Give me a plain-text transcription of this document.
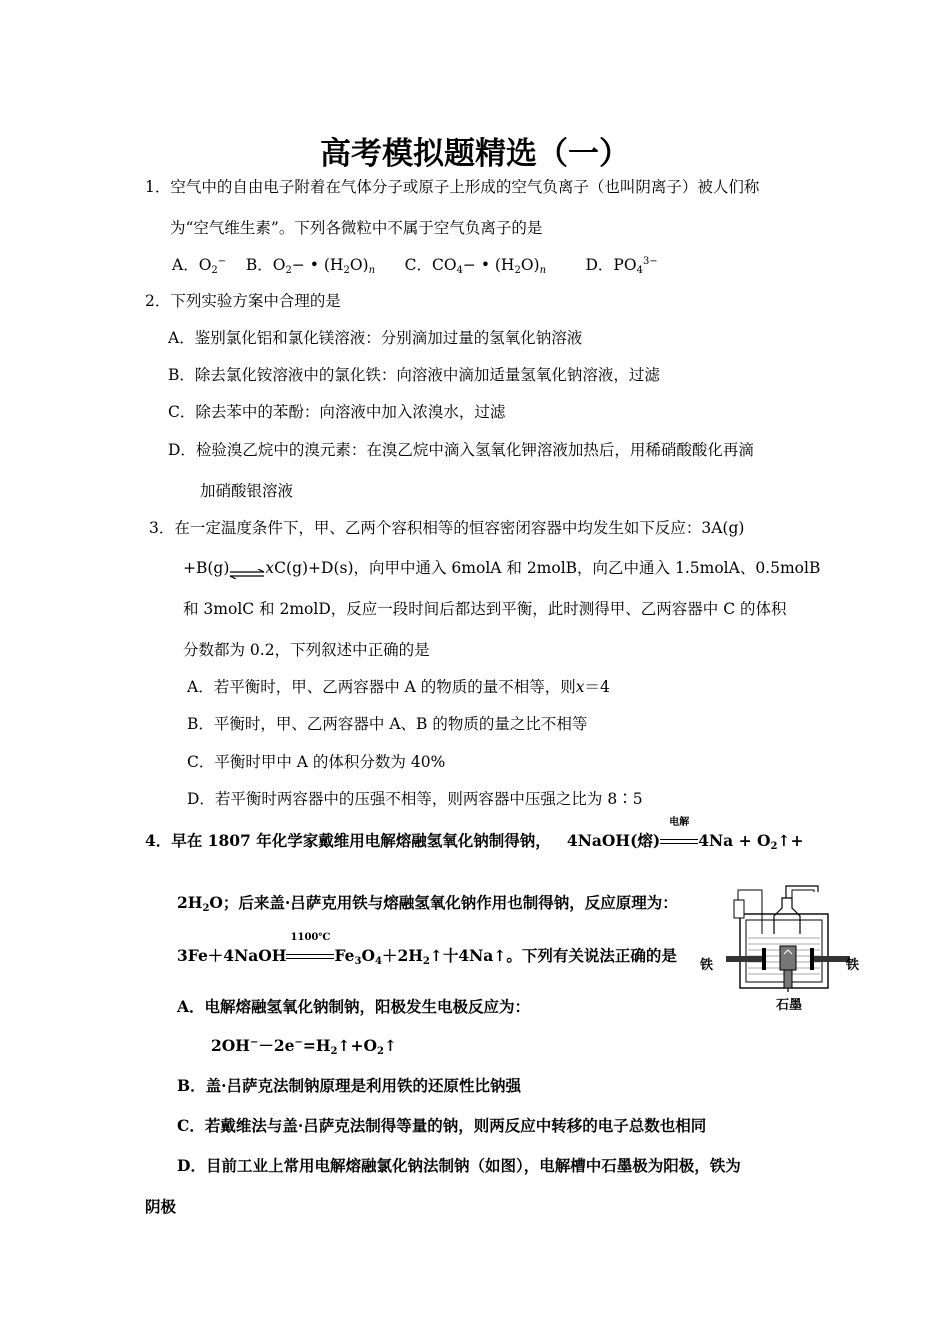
高考模拟题精选（一）
1．空气中的自由电子附着在气体分子或原子上形成的空气负离子（也叫阴离子）被人们称
为“空气维生素”。下列各微粒中不属于空气负离子的是
A．$O_2^-$ B．$O_2-$ • $(H_2O)_n$ C．$CO_4-$ • $(H_2O)_n$	D．$PO_4^{3-}$
2．下列实验方案中合理的是
A．鉴别氯化铝和氯化镁溶液：分别滴加过量的氢氧化钠溶液
B．除去氯化铵溶液中的氯化铁：向溶液中滴加适量氢氧化钠溶液，过滤
C．除去苯中的苯酚：向溶液中加入浓溴水，过滤
D．检验溴乙烷中的溴元素：在溴乙烷中滴入氢氧化钾溶液加热后，用稀硝酸酸化再滴
加硝酸银溶液
3．在一定温度条件下，甲、乙两个容积相等的恒容密闭容器中均发生如下反应：3A(g)
+B(g)⇌xC(g)+D(s)，向甲中通入 6molA 和 2molB，向乙中通入 1.5molA、0.5molB
和 3molC 和 2molD，反应一段时间后都达到平衡，此时测得甲、乙两容器中 C 的体积
分数都为 0.2，下列叙述中正确的是
A．若平衡时，甲、乙两容器中 A 的物质的量不相等，则x＝4
B．平衡时，甲、乙两容器中 A、B 的物质的量之比不相等
C．平衡时甲中 A 的体积分数为 40%
D．若平衡时两容器中的压强不相等，则两容器中压强之比为 8∶5
4．早在 1807 年化学家戴维用电解熔融氢氧化钠制得钠， 4NaOH(熔)
电解
$4Na + O_2↑+$
$2H_2O$；后来盖·吕萨克用铁与熔融氢氧化钠作用也制得钠，反应原理为：
3Fe＋4NaOH
1100℃
$Fe_3O_4+2H_2↑$十4Na↑。下列有关说法正确的是
A．电解熔融氢氧化钠制钠，阳极发生电极反应为：
$2OH^--2e^-=H_2↑+O_2↑$
B．盖·吕萨克法制钠原理是利用铁的还原性比钠强
C．若戴维法与盖·吕萨克法制得等量的钠，则两反应中转移的电子总数也相同
D．目前工业上常用电解熔融氯化钠法制钠（如图），电解槽中石墨极为阳极，铁为
阴极
铁	铁
石墨
